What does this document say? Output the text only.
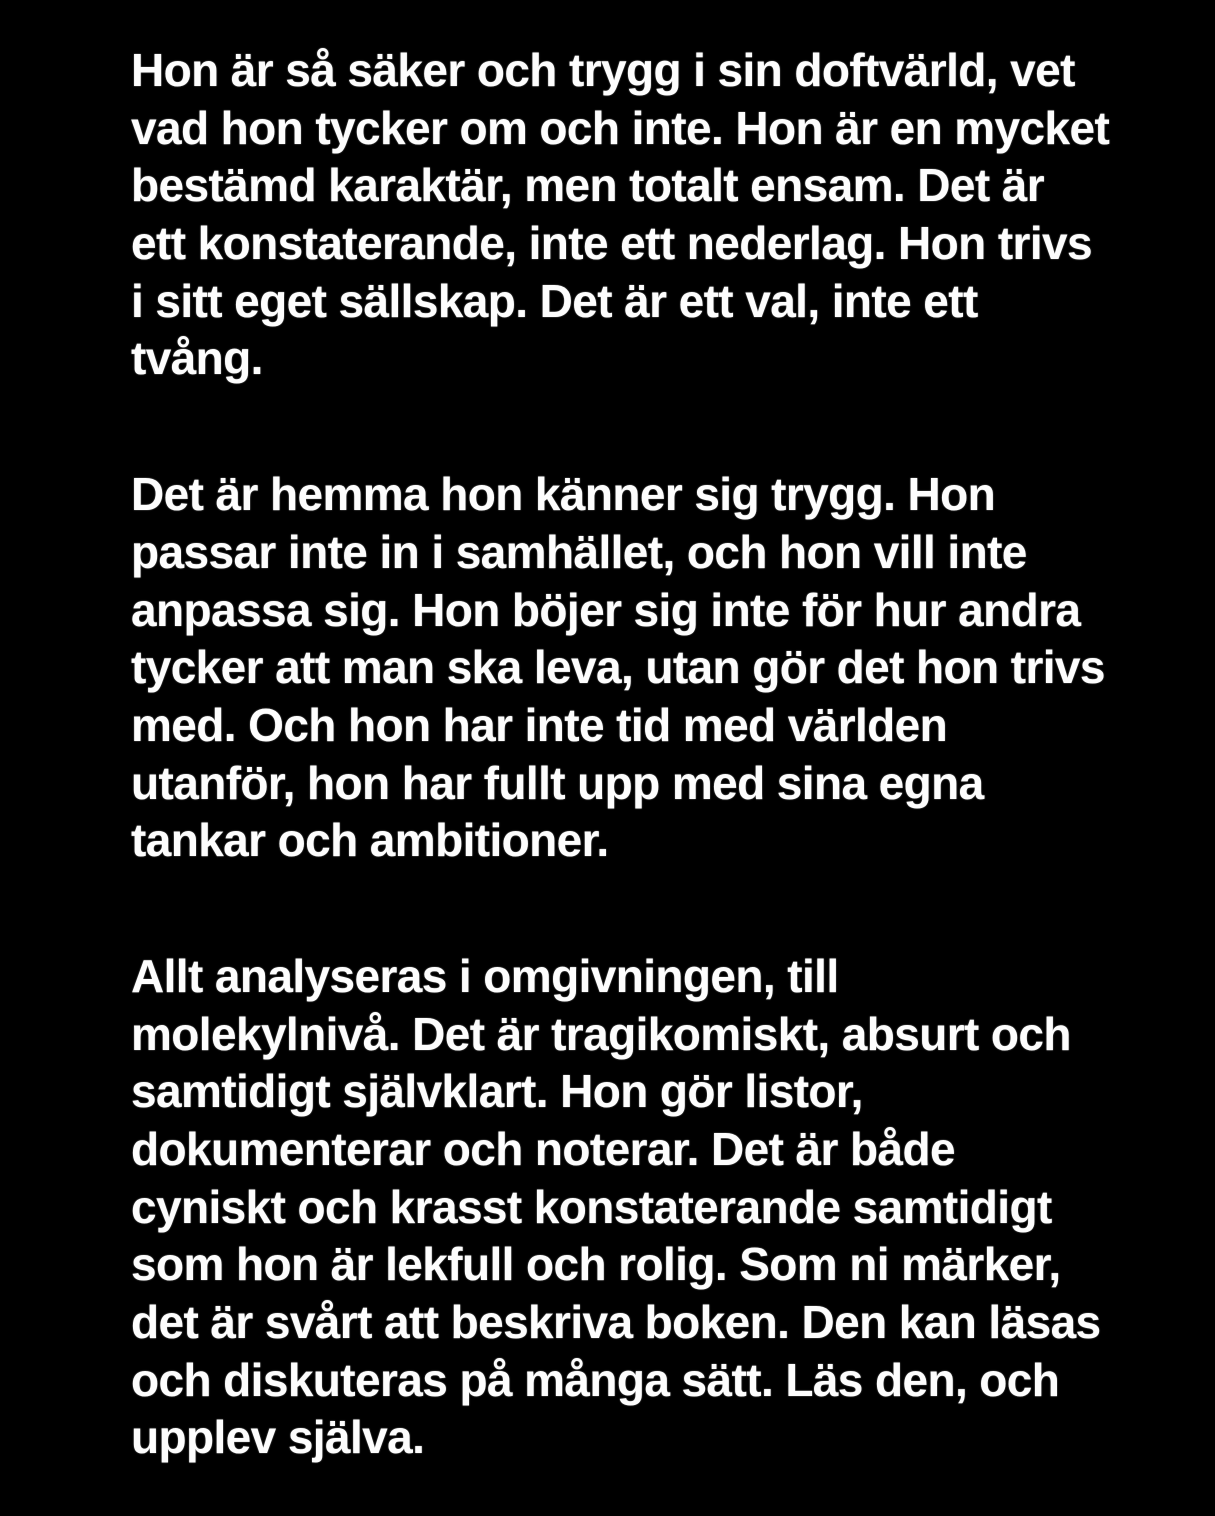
Hon är så säker och trygg i sin doftvärld, vet
vad hon tycker om och inte. Hon är en mycket
bestämd karaktär, men totalt ensam. Det är
ett konstaterande, inte ett nederlag. Hon trivs
i sitt eget sällskap. Det är ett val, inte ett
tvång.
Det är hemma hon känner sig trygg. Hon
passar inte in i samhället, och hon vill inte
anpassa sig. Hon böjer sig inte för hur andra
tycker att man ska leva, utan gör det hon trivs
med. Och hon har inte tid med världen
utanför, hon har fullt upp med sina egna
tankar och ambitioner.
Allt analyseras i omgivningen, till
molekylnivå. Det är tragikomiskt, absurt och
samtidigt självklart. Hon gör listor,
dokumenterar och noterar. Det är både
cyniskt och krasst konstaterande samtidigt
som hon är lekfull och rolig. Som ni märker,
det är svårt att beskriva boken. Den kan läsas
och diskuteras på många sätt. Läs den, och
upplev själva.
